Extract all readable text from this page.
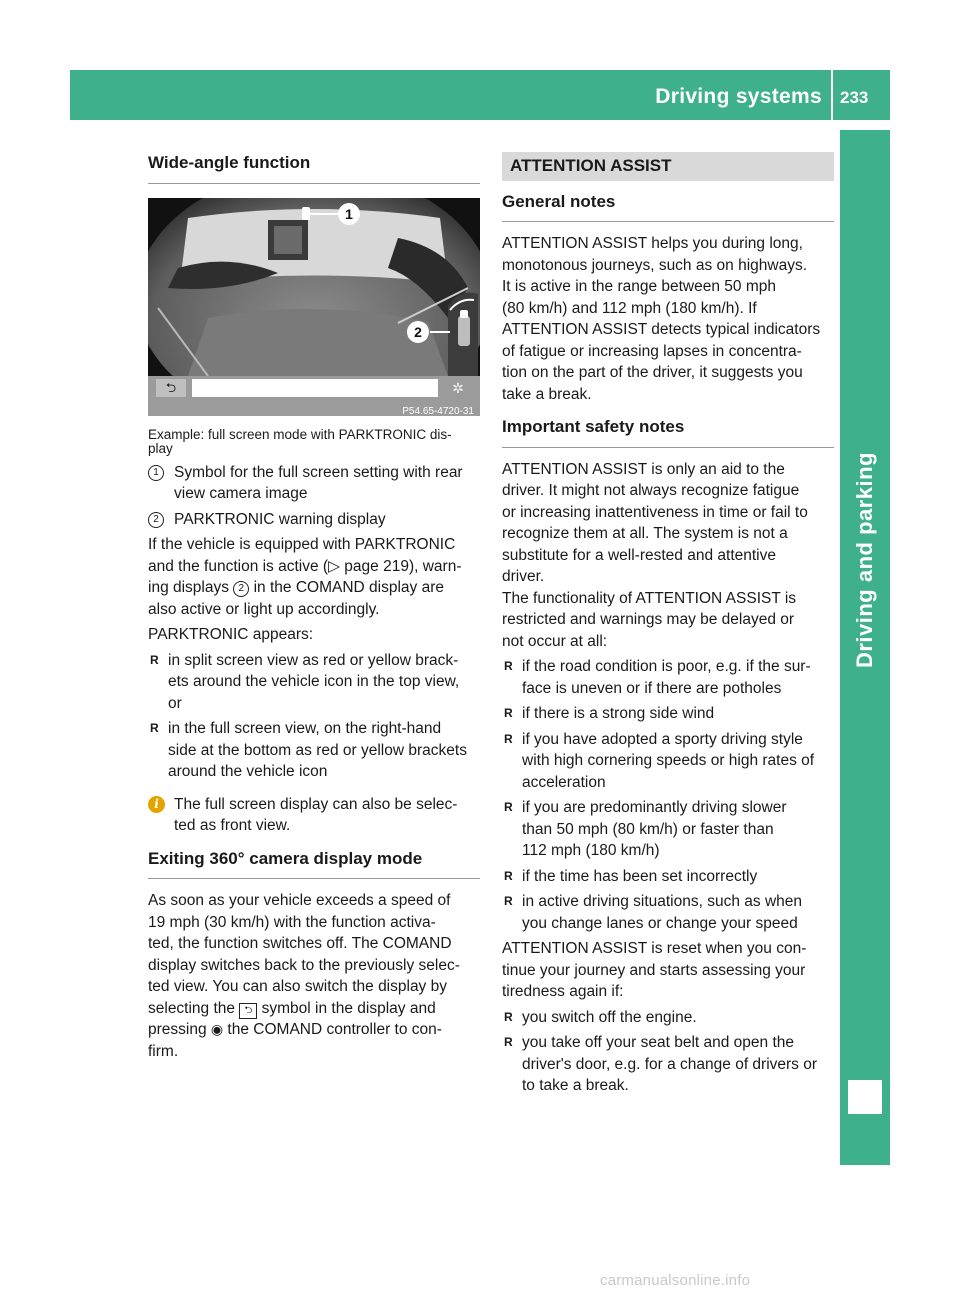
Driving systems 233
Driving and parking
Wide-angle function
1
2
⮌	✲
P54.65-4720-31
Example: full screen mode with PARKTRONIC dis-
play
1 Symbol for the full screen setting with rear
view camera image
2 PARKTRONIC warning display
If the vehicle is equipped with PARKTRONIC
and the function is active (▷ page 219), warn-
ing displays 2 in the COMAND display are
also active or light up accordingly.
PARKTRONIC appears:
R in split screen view as red or yellow brack-
ets around the vehicle icon in the top view,
or
R in the full screen view, on the right-hand
side at the bottom as red or yellow brackets
around the vehicle icon
i The full screen display can also be selec-
ted as front view.
Exiting 360° camera display mode
As soon as your vehicle exceeds a speed of
19 mph (30 km/h) with the function activa-
ted, the function switches off. The COMAND
display switches back to the previously selec-
ted view. You can also switch the display by
selecting the ⮌ symbol in the display and
pressing ◉ the COMAND controller to con-
firm.
ATTENTION ASSIST
General notes
ATTENTION ASSIST helps you during long,
monotonous journeys, such as on highways.
It is active in the range between 50 mph
(80 km/h) and 112 mph (180 km/h). If
ATTENTION ASSIST detects typical indicators
of fatigue or increasing lapses in concentra-
tion on the part of the driver, it suggests you
take a break.
Important safety notes
ATTENTION ASSIST is only an aid to the
driver. It might not always recognize fatigue
or increasing inattentiveness in time or fail to
recognize them at all. The system is not a
substitute for a well-rested and attentive
driver.
The functionality of ATTENTION ASSIST is
restricted and warnings may be delayed or
not occur at all:
R if the road condition is poor, e.g. if the sur-
face is uneven or if there are potholes
R if there is a strong side wind
R if you have adopted a sporty driving style
with high cornering speeds or high rates of
acceleration
R if you are predominantly driving slower
than 50 mph (80 km/h) or faster than
112 mph (180 km/h)
R if the time has been set incorrectly
R in active driving situations, such as when
you change lanes or change your speed
ATTENTION ASSIST is reset when you con-
tinue your journey and starts assessing your
tiredness again if:
R you switch off the engine.
R you take off your seat belt and open the
driver's door, e.g. for a change of drivers or
to take a break.
carmanualsonline.info
